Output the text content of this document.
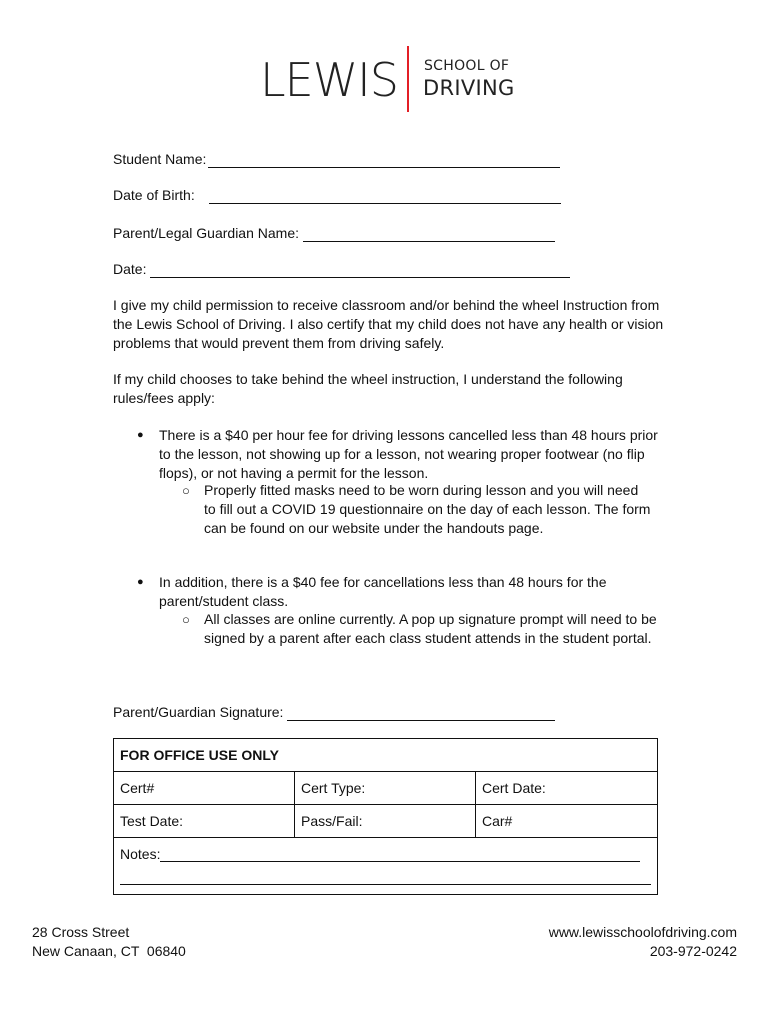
LEWIS SCHOOL OF
DRIVING
Student Name:
Date of Birth:
Parent/Legal Guardian Name:
Date:

I give my child permission to receive classroom and/or behind the wheel Instruction from the Lewis School of Driving. I also certify that my child does not have any health or vision problems that would prevent them from driving safely.

If my child chooses to take behind the wheel instruction, I understand the following rules/fees apply:

● There is a $40 per hour fee for driving lessons cancelled less than 48 hours prior to the lesson, not showing up for a lesson, not wearing proper footwear (no flip flops), or not having a permit for the lesson.
○ Properly fitted masks need to be worn during lesson and you will need to fill out a COVID 19 questionnaire on the day of each lesson. The form can be found on our website under the handouts page.
● In addition, there is a $40 fee for cancellations less than 48 hours for the parent/student class.
○ All classes are online currently. A pop up signature prompt will need to be signed by a parent after each class student attends in the student portal.
Parent/Guardian Signature:
FOR OFFICE USE ONLY		
Cert#	Cert Type:	Cert Date:
Test Date:	Pass/Fail:	Car#
Notes:		
28 Cross Street
New Canaan, CT  06840
www.lewisschoolofdriving.com
203-972-0242
